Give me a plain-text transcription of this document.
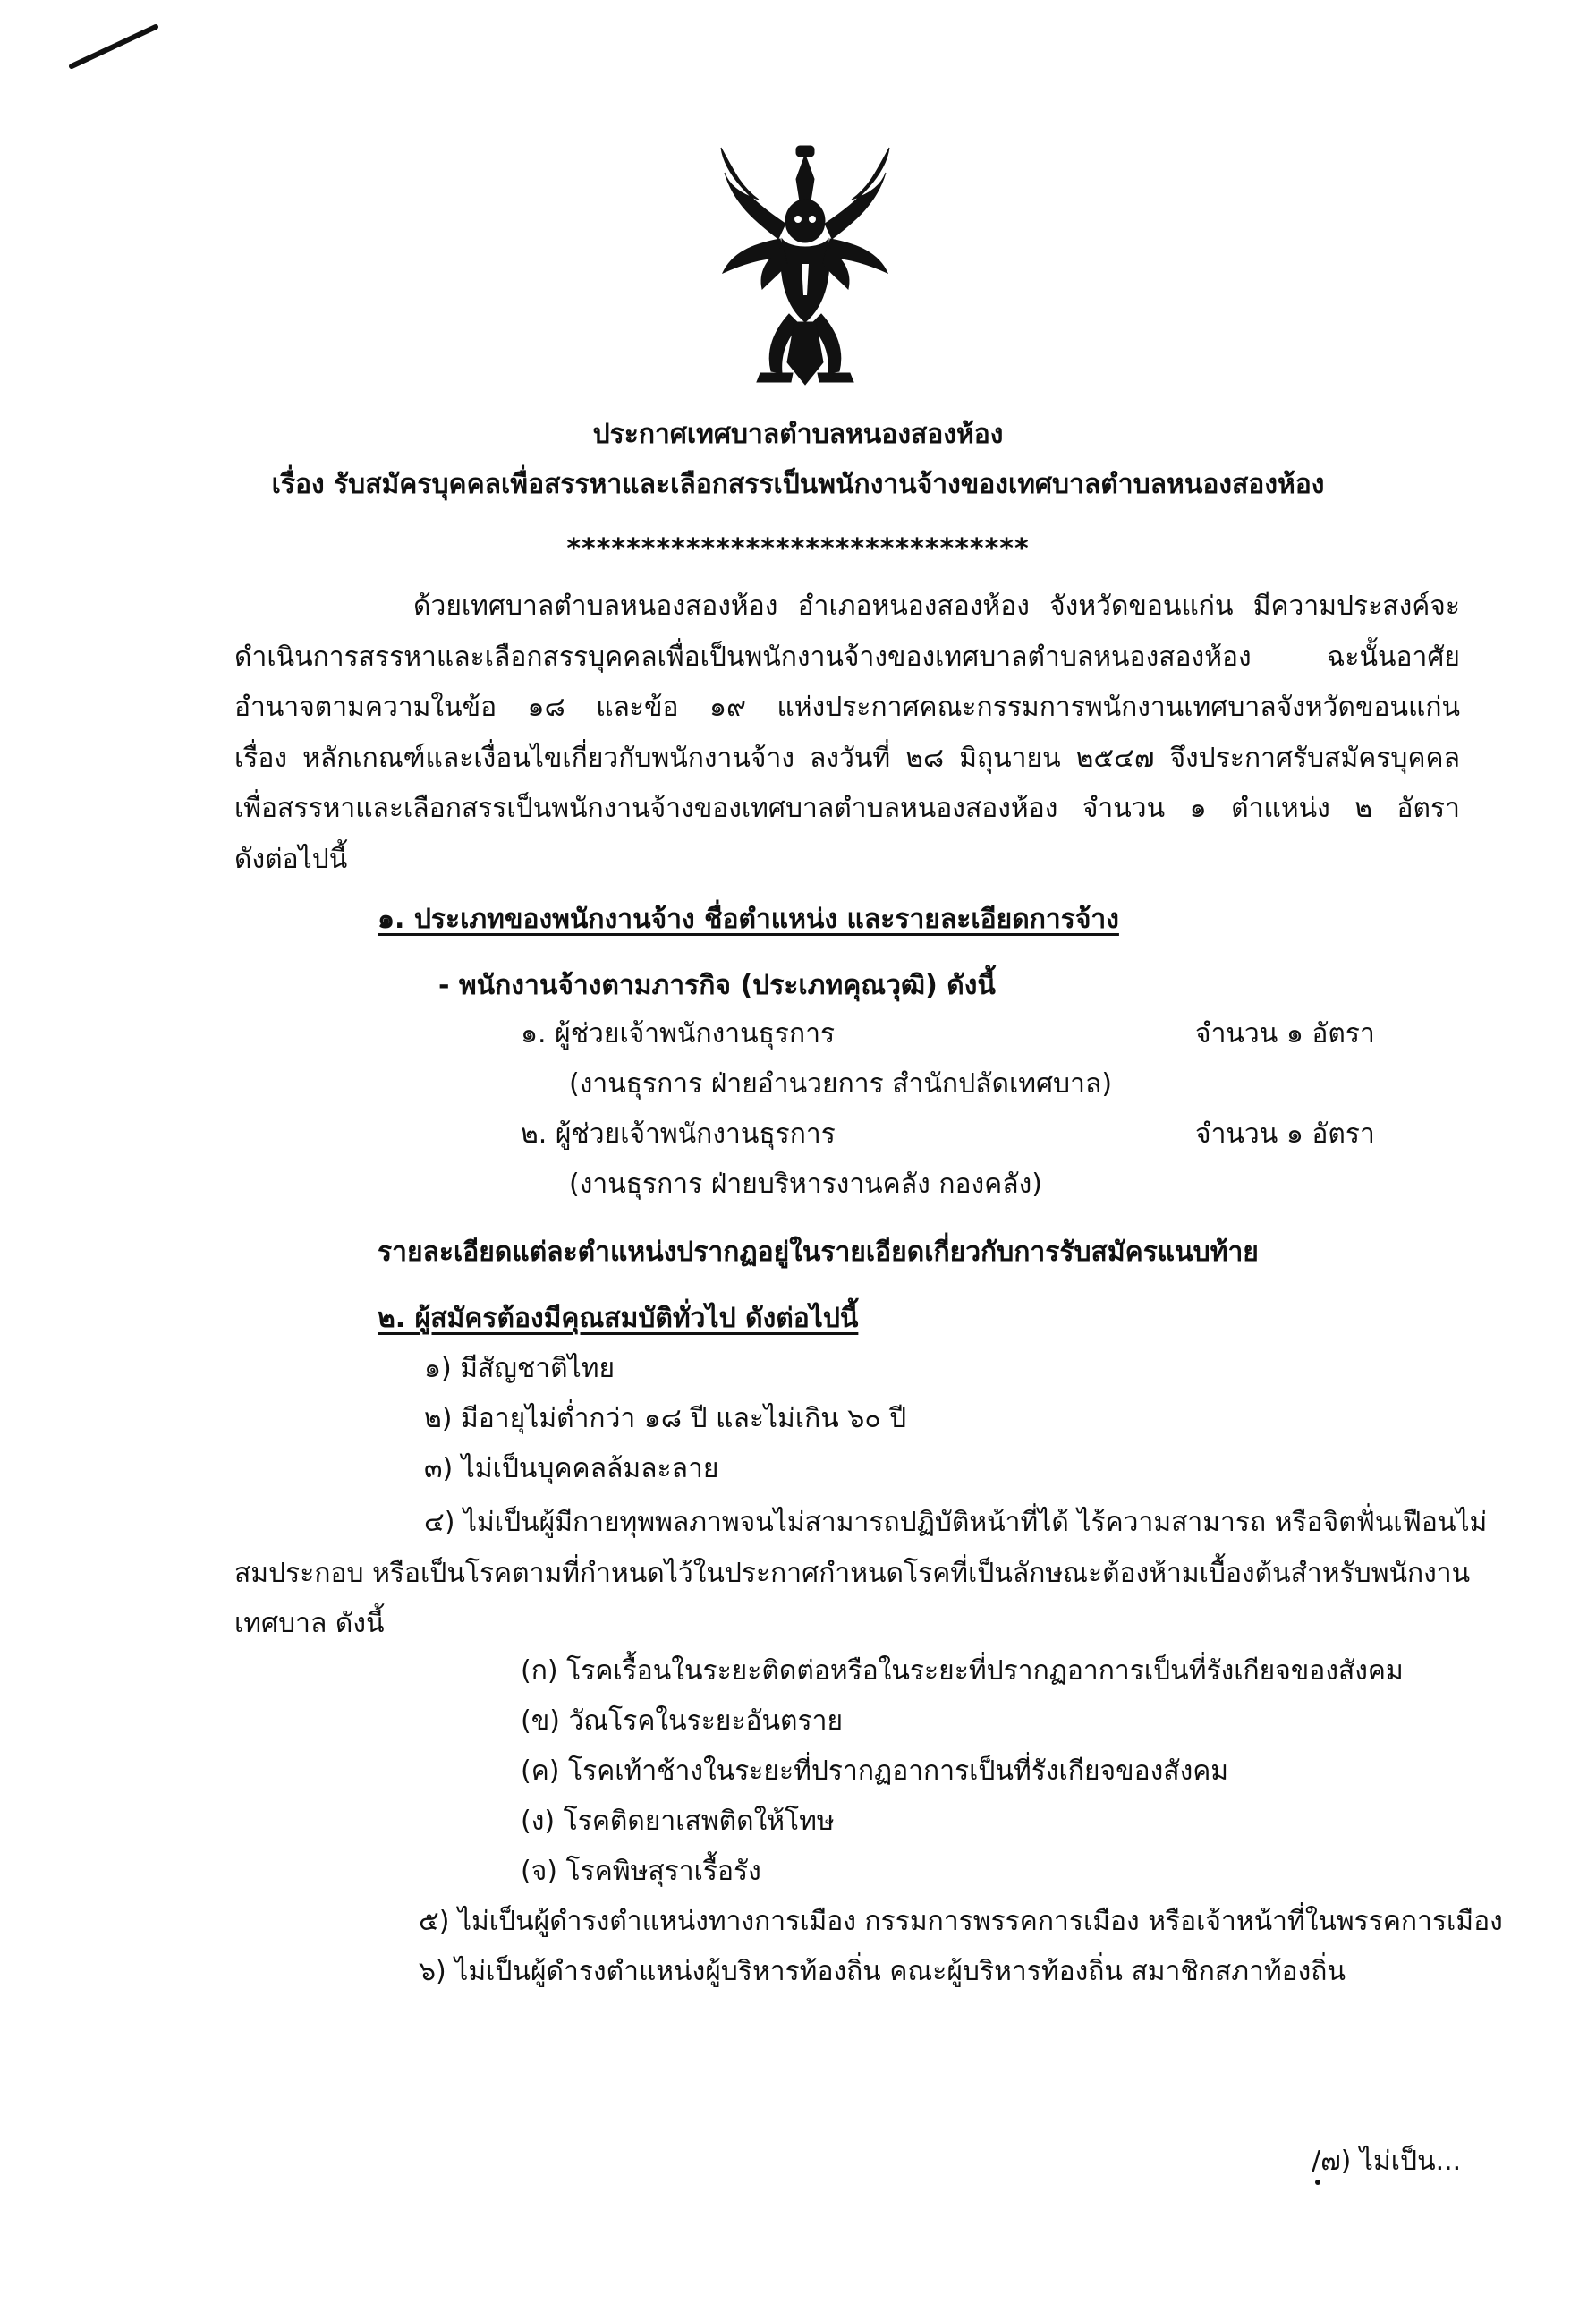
ประกาศเทศบาลตำบลหนองสองห้อง
เรื่อง รับสมัครบุคคลเพื่อสรรหาและเลือกสรรเป็นพนักงานจ้างของเทศบาลตำบลหนองสองห้อง
*******************************
ด้วยเทศบาลตำบลหนองสองห้อง อำเภอหนองสองห้อง จังหวัดขอนแก่น มีความประสงค์จะ
ดำเนินการสรรหาและเลือกสรรบุคคลเพื่อเป็นพนักงานจ้างของเทศบาลตำบลหนองสองห้อง ฉะนั้นอาศัย
อำนาจตามความในข้อ ๑๘ และข้อ ๑๙ แห่งประกาศคณะกรรมการพนักงานเทศบาลจังหวัดขอนแก่น
เรื่อง หลักเกณฑ์และเงื่อนไขเกี่ยวกับพนักงานจ้าง ลงวันที่ ๒๘ มิถุนายน ๒๕๔๗ จึงประกาศรับสมัครบุคคล
เพื่อสรรหาและเลือกสรรเป็นพนักงานจ้างของเทศบาลตำบลหนองสองห้อง จำนวน ๑ ตำแหน่ง ๒ อัตรา
ดังต่อไปนี้
๑. ประเภทของพนักงานจ้าง ชื่อตำแหน่ง และรายละเอียดการจ้าง
- พนักงานจ้างตามภารกิจ (ประเภทคุณวุฒิ) ดังนี้
๑. ผู้ช่วยเจ้าพนักงานธุรการ	จำนวน ๑ อัตรา
(งานธุรการ ฝ่ายอำนวยการ สำนักปลัดเทศบาล)
๒. ผู้ช่วยเจ้าพนักงานธุรการ	จำนวน ๑ อัตรา
(งานธุรการ ฝ่ายบริหารงานคลัง กองคลัง)
รายละเอียดแต่ละตำแหน่งปรากฏอยู่ในรายเอียดเกี่ยวกับการรับสมัครแนบท้าย
๒. ผู้สมัครต้องมีคุณสมบัติทั่วไป ดังต่อไปนี้
๑) มีสัญชาติไทย
๒) มีอายุไม่ต่ำกว่า ๑๘ ปี และไม่เกิน ๖๐ ปี
๓) ไม่เป็นบุคคลล้มละลาย
๔) ไม่เป็นผู้มีกายทุพพลภาพจนไม่สามารถปฏิบัติหน้าที่ได้ ไร้ความสามารถ หรือจิตฟั่นเฟือนไม่
สมประกอบ หรือเป็นโรคตามที่กำหนดไว้ในประกาศกำหนดโรคที่เป็นลักษณะต้องห้ามเบื้องต้นสำหรับพนักงาน
เทศบาล ดังนี้
(ก) โรคเรื้อนในระยะติดต่อหรือในระยะที่ปรากฏอาการเป็นที่รังเกียจของสังคม
(ข) วัณโรคในระยะอันตราย
(ค) โรคเท้าช้างในระยะที่ปรากฏอาการเป็นที่รังเกียจของสังคม
(ง) โรคติดยาเสพติดให้โทษ
(จ) โรคพิษสุราเรื้อรัง
๕) ไม่เป็นผู้ดำรงตำแหน่งทางการเมือง กรรมการพรรคการเมือง หรือเจ้าหน้าที่ในพรรคการเมือง
๖) ไม่เป็นผู้ดำรงตำแหน่งผู้บริหารท้องถิ่น คณะผู้บริหารท้องถิ่น สมาชิกสภาท้องถิ่น
/๗) ไม่เป็น...
